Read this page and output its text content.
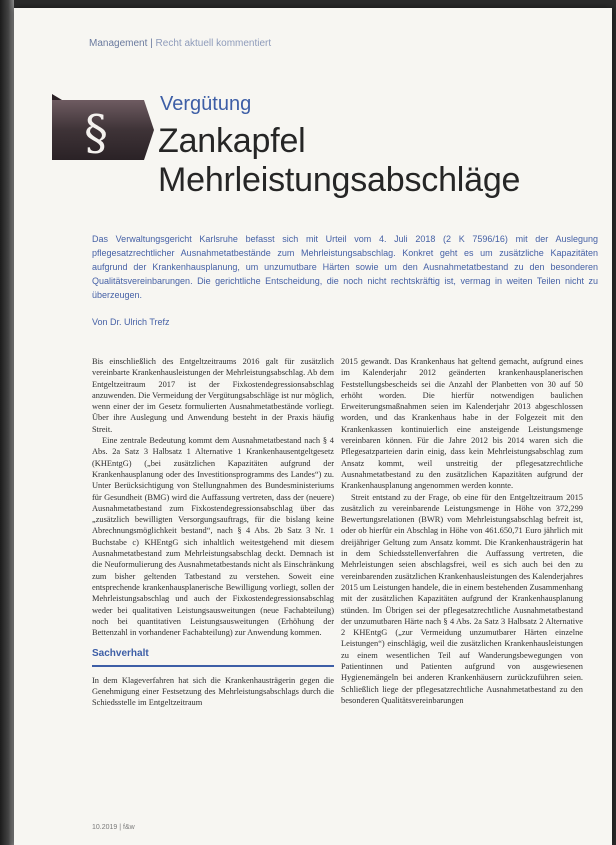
Management | Recht aktuell kommentiert
§
Vergütung
Zankapfel
Mehrleistungsabschläge
Das Verwaltungsgericht Karlsruhe befasst sich mit Urteil vom 4. Juli 2018 (2 K 7596/16) mit der Auslegung pflegesatzrechtlicher Ausnahmetatbestände zum Mehrleistungsabschlag. Konkret geht es um zusätzliche Kapazitäten aufgrund der Krankenhausplanung, um unzumutbare Härten sowie um den Ausnahmetatbestand zu den besonderen Qualitätsvereinbarungen. Die gerichtliche Entscheidung, die noch nicht rechtskräftig ist, vermag in weiten Teilen nicht zu überzeugen.
Von Dr. Ulrich Trefz

Bis einschließlich des Entgeltzeitraums 2016 galt für zusätzlich vereinbarte Krankenhausleistungen der Mehrleistungsabschlag. Ab dem Entgeltzeitraum 2017 ist der Fixkostendegressionsabschlag anzuwenden. Die Vermeidung der Vergütungsabschläge ist nur möglich, wenn einer der im Gesetz formulierten Ausnahmetatbestände vorliegt. Über ihre Auslegung und Anwendung besteht in der Praxis häufig Streit.

Eine zentrale Bedeutung kommt dem Ausnahmetatbestand nach § 4 Abs. 2a Satz 3 Halbsatz 1 Alternative 1 Krankenhausentgeltgesetz (KHEntgG) („bei zusätzlichen Kapazitäten aufgrund der Krankenhausplanung oder des Investitionsprogramms des Landes“) zu. Unter Berücksichtigung von Stellungnahmen des Bundesministeriums für Gesundheit (BMG) wird die Auffassung vertreten, dass der (neuere) Ausnahmetatbestand zum Fixkostendegressionsabschlag über das „zusätzlich bewilligten Versorgungsauftrags, für die bislang keine Abrechnungsmöglichkeit bestand“, nach § 4 Abs. 2b Satz 3 Nr. 1 Buchstabe c) KHEntgG sich inhaltlich weitestgehend mit diesem Ausnahmetatbestand zum Mehrleistungsabschlag deckt. Demnach ist die Neuformulierung des Ausnahmetatbestands nicht als Einschränkung zum bisher geltenden Tatbestand zu verstehen. Soweit eine entsprechende krankenhausplanerische Bewilligung vorliegt, sollen der Mehrleistungsabschlag und auch der Fixkostendegressionsabschlag weder bei qualitativen Leistungsausweitungen (neue Fachabteilung) noch bei quantitativen Leistungsausweitungen (Erhöhung der Bettenzahl in vorhandener Fachabteilung) zur Anwendung kommen.

Sachverhalt

In dem Klageverfahren hat sich die Krankenhausträgerin gegen die Genehmigung einer Festsetzung des Mehrleistungsabschlags durch die Schiedsstelle im Entgeltzeitraum

2015 gewandt. Das Krankenhaus hat geltend gemacht, aufgrund eines im Kalenderjahr 2012 geänderten krankenhausplanerischen Feststellungsbescheids sei die Anzahl der Planbetten von 30 auf 50 erhöht worden. Die hierfür notwendigen baulichen Erweiterungsmaßnahmen seien im Kalenderjahr 2013 abgeschlossen worden, und das Krankenhaus habe in der Folgezeit mit den Krankenkassen kontinuierlich eine ansteigende Leistungsmenge vereinbaren können. Für die Jahre 2012 bis 2014 waren sich die Pflegesatzparteien darin einig, dass kein Mehrleistungsabschlag zum Ansatz kommt, weil unstreitig der pflegesatzrechtliche Ausnahmetatbestand zu den zusätzlichen Kapazitäten aufgrund der Krankenhausplanung angenommen werden konnte.

Streit entstand zu der Frage, ob eine für den Entgeltzeitraum 2015 zusätzlich zu vereinbarende Leistungsmenge in Höhe von 372,299 Bewertungsrelationen (BWR) vom Mehrleistungsabschlag befreit ist, oder ob hierfür ein Abschlag in Höhe von 461.650,71 Euro jährlich mit dreijähriger Geltung zum Ansatz kommt. Die Krankenhausträgerin hat in dem Schiedsstellenverfahren die Auffassung vertreten, die Mehrleistungen seien abschlagsfrei, weil es sich auch bei den zu vereinbarenden zusätzlichen Krankenhausleistungen des Kalenderjahres 2015 um Leistungen handele, die in einem bestehenden Zusammenhang mit der zusätzlichen Kapazitäten aufgrund der Krankenhausplanung stünden. Im Übrigen sei der pflegesatzrechtliche Ausnahmetatbestand der unzumutbaren Härte nach § 4 Abs. 2a Satz 3 Halbsatz 2 Alternative 2 KHEntgG („zur Vermeidung unzumutbarer Härten einzelne Leistungen“) einschlägig, weil die zusätzlichen Krankenhausleistungen zu einem wesentlichen Teil auf Wanderungsbewegungen von Patientinnen und Patienten aufgrund von ausgewiesenen Hygienemängeln bei anderen Krankenhäusern zurückzuführen seien. Schließlich liege der pflegesatzrechtliche Ausnahmetatbestand zu den besonderen Qualitätsvereinbarungen

10.2019 | f&w
